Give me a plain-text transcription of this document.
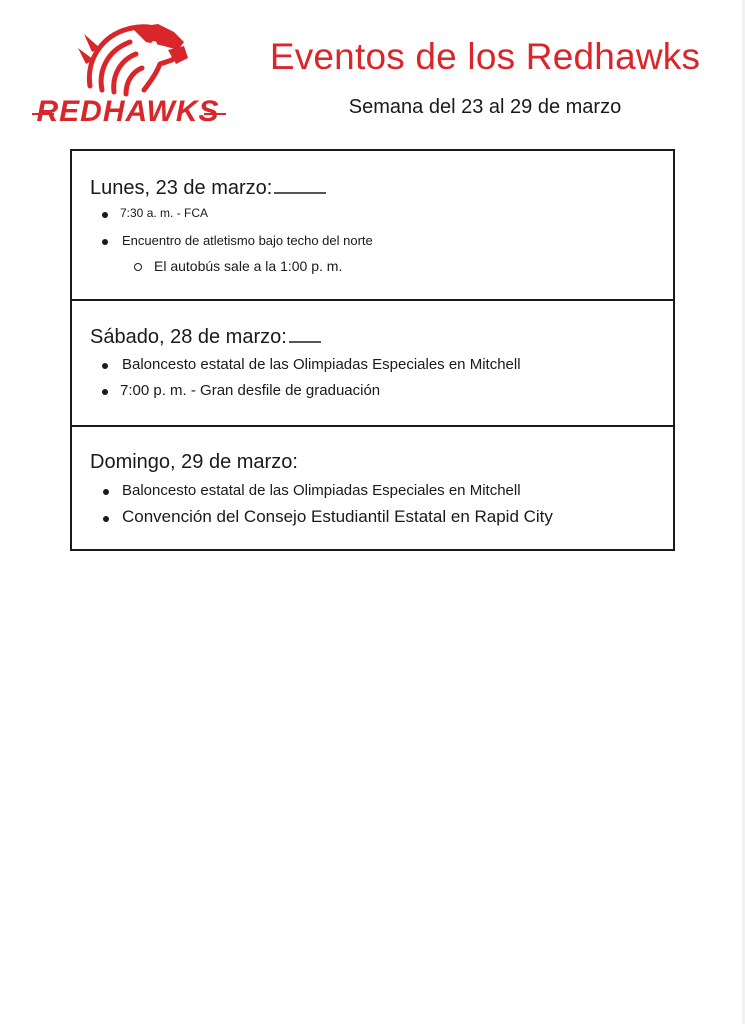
REDHAWKS
Eventos de los Redhawks
Semana del 23 al 29 de marzo
Lunes, 23 de marzo:
7:30 a. m. - FCA
Encuentro de atletismo bajo techo del norte
El autobús sale a la 1:00 p. m.
Sábado, 28 de marzo:
Baloncesto estatal de las Olimpiadas Especiales en Mitchell
7:00 p. m. - Gran desfile de graduación
Domingo, 29 de marzo:
Baloncesto estatal de las Olimpiadas Especiales en Mitchell
Convención del Consejo Estudiantil Estatal en Rapid City
